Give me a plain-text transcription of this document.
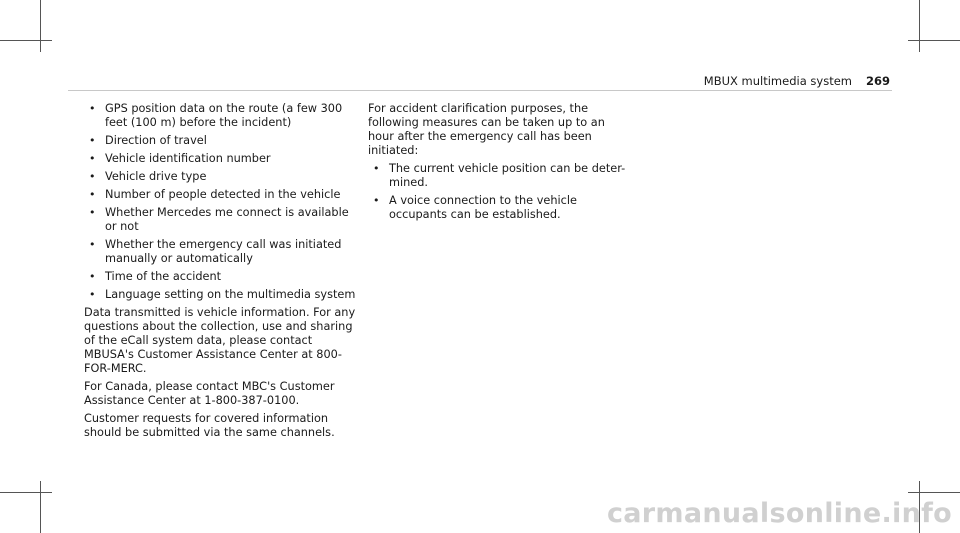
MBUX multimedia system 269
• GPS position data on the route (a few 300 feet (100 m) before the incident)
• Direction of travel
• Vehicle identification number
• Vehicle drive type
• Number of people detected in the vehicle
• Whether Mercedes me connect is available or not
• Whether the emergency call was initiated manually or automatically
• Time of the accident
• Language setting on the multimedia system

Data transmitted is vehicle information. For any questions about the collection, use and sharing of the eCall system data, please contact MBUSA's Customer Assistance Center at 800-FOR-MERC.

For Canada, please contact MBC's Customer Assistance Center at 1-800-387-0100.

Customer requests for covered information should be submitted via the same channels.

For accident clarification purposes, the following measures can be taken up to an hour after the emergency call has been initiated:

• The current vehicle position can be deter-mined.
• A voice connection to the vehicle occupants can be established.
carmanualsonline.info
